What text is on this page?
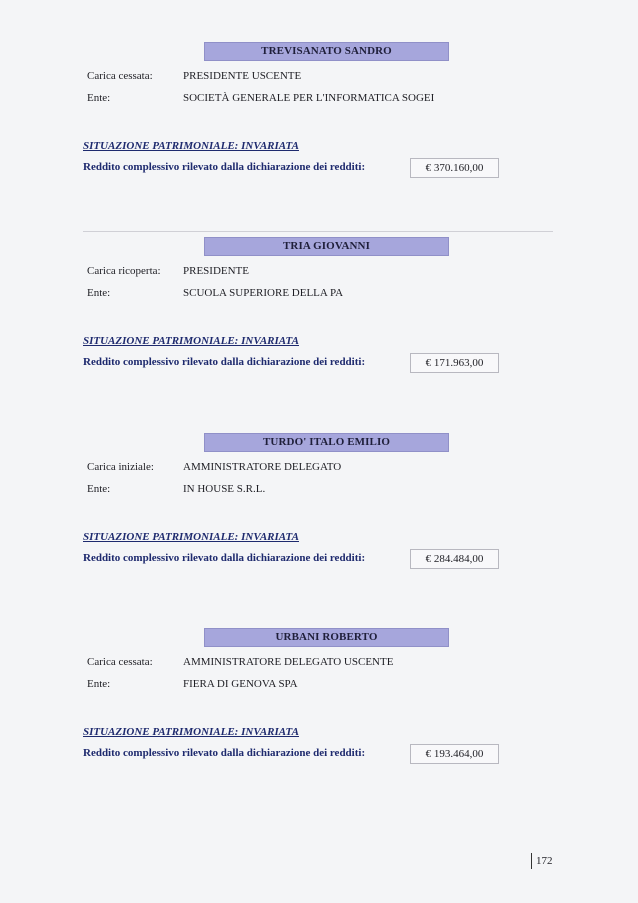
TREVISANATO SANDRO
Carica cessata:	PRESIDENTE USCENTE
Ente:	SOCIETÀ GENERALE PER L'INFORMATICA SOGEI
SITUAZIONE PATRIMONIALE: INVARIATA
Reddito complessivo rilevato dalla dichiarazione dei redditi:	€ 370.160,00
TRIA GIOVANNI
Carica ricoperta:	PRESIDENTE
Ente:	SCUOLA SUPERIORE DELLA PA
SITUAZIONE PATRIMONIALE: INVARIATA
Reddito complessivo rilevato dalla dichiarazione dei redditi:	€ 171.963,00
TURDO' ITALO EMILIO
Carica iniziale:	AMMINISTRATORE DELEGATO
Ente:	IN HOUSE S.R.L.
SITUAZIONE PATRIMONIALE: INVARIATA
Reddito complessivo rilevato dalla dichiarazione dei redditi:	€ 284.484,00
URBANI ROBERTO
Carica cessata:	AMMINISTRATORE DELEGATO USCENTE
Ente:	FIERA DI GENOVA SPA
SITUAZIONE PATRIMONIALE: INVARIATA
Reddito complessivo rilevato dalla dichiarazione dei redditi:	€ 193.464,00
172
